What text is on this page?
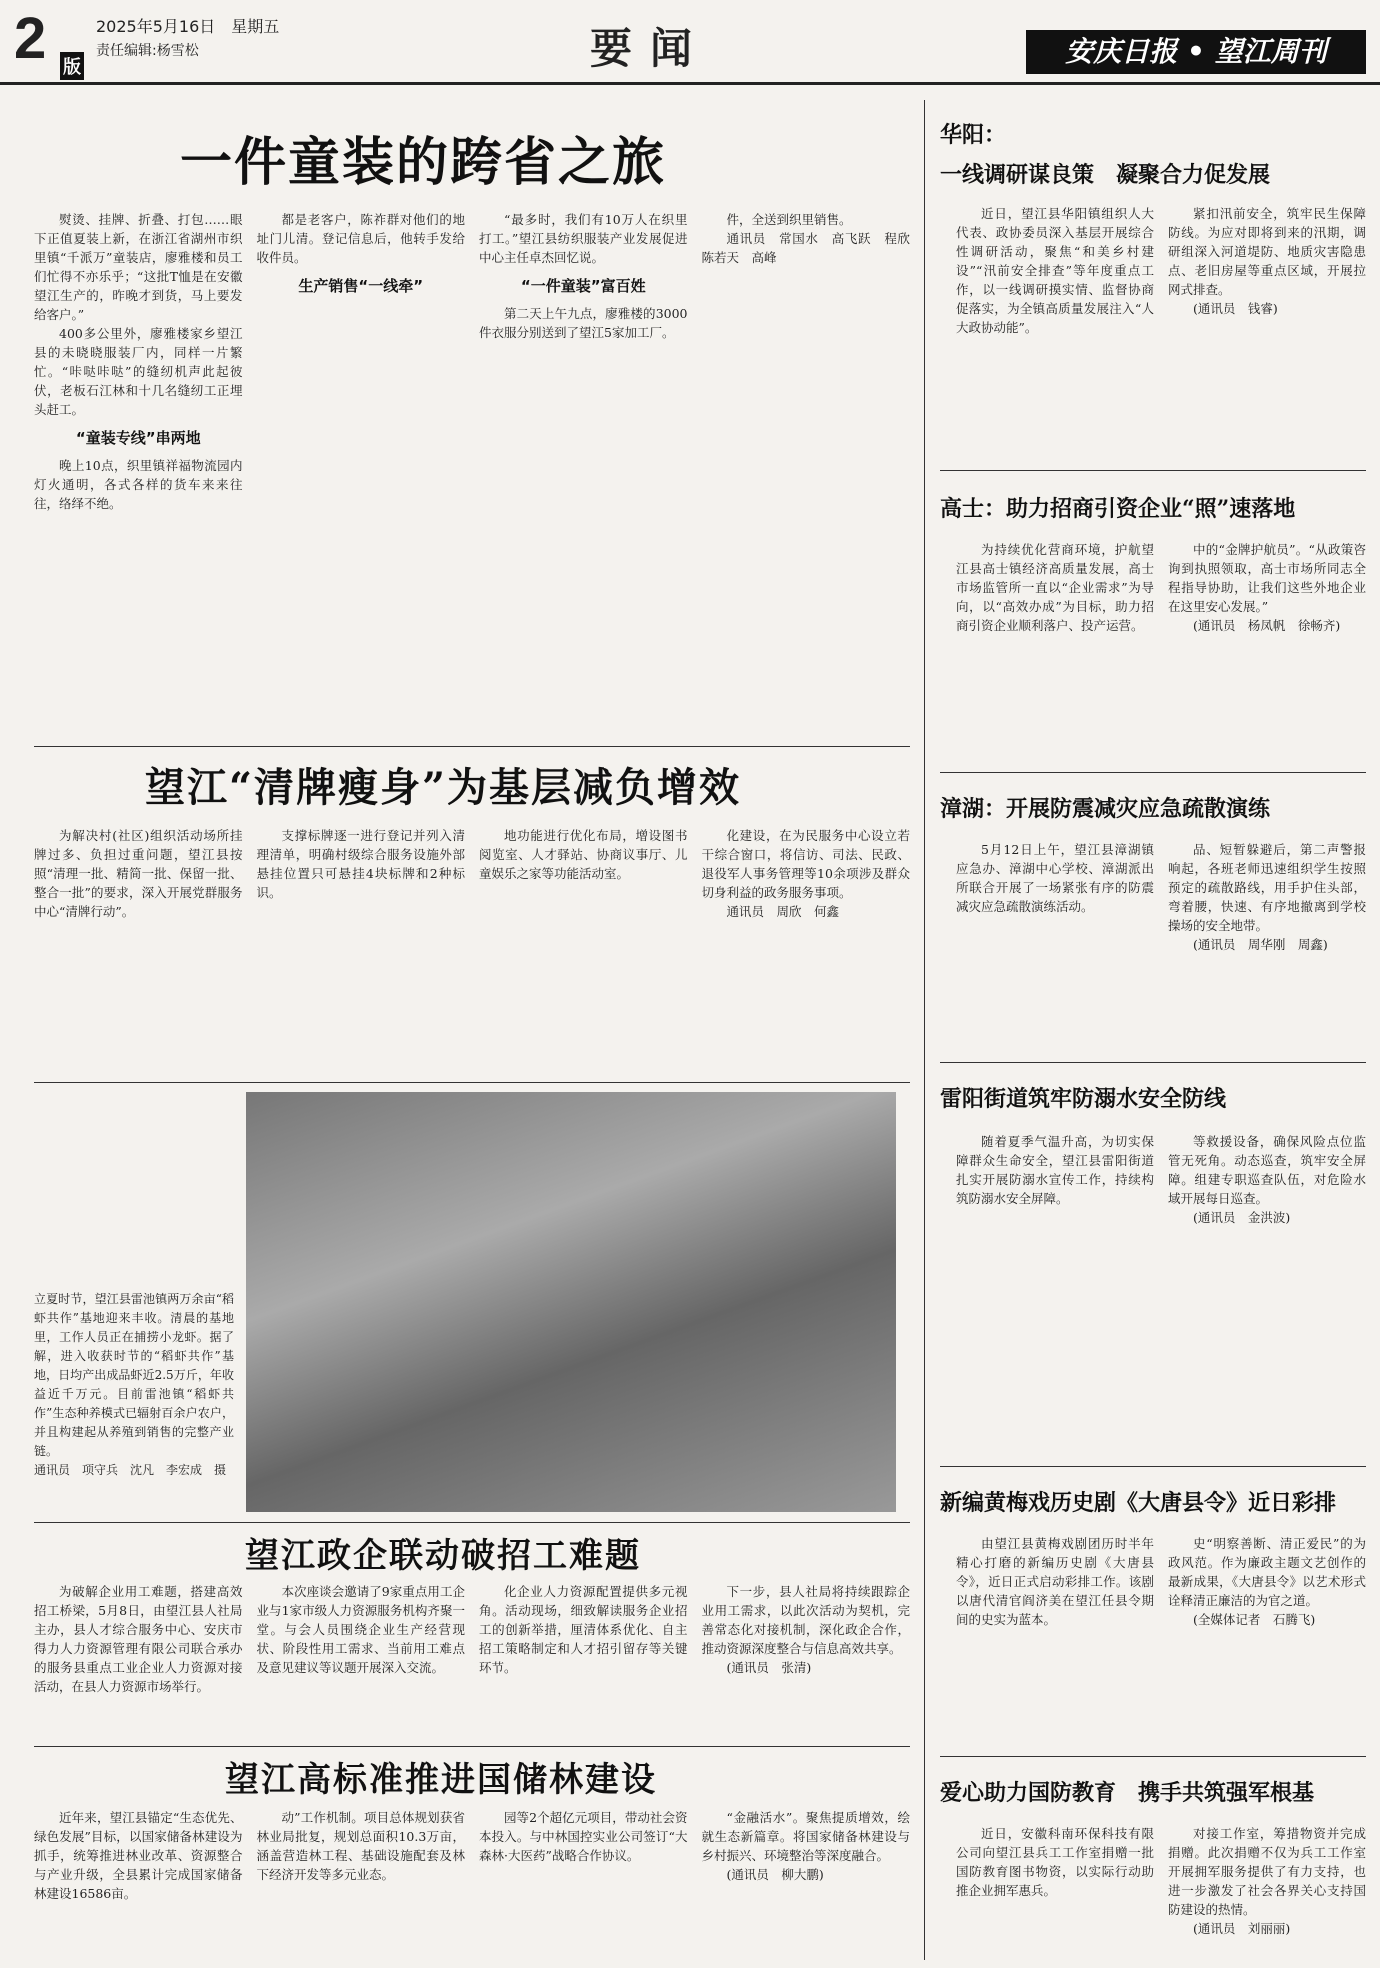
2 版
2025年5月16日　星期五
责任编辑:杨雪松	要闻	安庆日报 • 望江周刊
一件童装的跨省之旅

熨烫、挂牌、折叠、打包……眼下正值夏装上新，在浙江省湖州市织里镇“千派万”童装店，廖雅楼和员工们忙得不亦乐乎；“这批T恤是在安徽望江生产的，昨晚才到货，马上要发给客户。”

400多公里外，廖雅楼家乡望江县的未晓晓服装厂内，同样一片繁忙。“咔哒咔哒”的缝纫机声此起彼伏，老板石江林和十几名缝纫工正埋头赶工。

“童装专线”串两地

晚上10点，织里镇祥福物流园内灯火通明，各式各样的货车来来往往，络绎不绝。

都是老客户，陈祚群对他们的地址门儿清。登记信息后，他转手发给收件员。

生产销售“一线牵”

“最多时，我们有10万人在织里打工。”望江县纺织服装产业发展促进中心主任卓杰回忆说。

“一件童装”富百姓

第二天上午九点，廖雅楼的3000件衣服分别送到了望江5家加工厂。

件，全送到织里销售。

通讯员　常国水　高飞跃　程欣　陈若天　高峰

望江“清牌瘦身”为基层减负增效

为解决村(社区)组织活动场所挂牌过多、负担过重问题，望江县按照“清理一批、精简一批、保留一批、整合一批”的要求，深入开展党群服务中心“清牌行动”。

支撑标牌逐一进行登记并列入清理清单，明确村级综合服务设施外部悬挂位置只可悬挂4块标牌和2种标识。

地功能进行优化布局，增设图书阅览室、人才驿站、协商议事厅、儿童娱乐之家等功能活动室。

化建设，在为民服务中心设立若干综合窗口，将信访、司法、民政、退役军人事务管理等10余项涉及群众切身利益的政务服务事项。

通讯员　周欣　何鑫

立夏时节，望江县雷池镇两万余亩“稻虾共作”基地迎来丰收。清晨的基地里，工作人员正在捕捞小龙虾。据了解，进入收获时节的“稻虾共作”基地，日均产出成品虾近2.5万斤，年收益近千万元。目前雷池镇“稻虾共作”生态种养模式已辐射百余户农户，并且构建起从养殖到销售的完整产业链。
通讯员　项守兵　沈凡　李宏成　摄
望江政企联动破招工难题

为破解企业用工难题，搭建高效招工桥梁，5月8日，由望江县人社局主办，县人才综合服务中心、安庆市得力人力资源管理有限公司联合承办的服务县重点工业企业人力资源对接活动，在县人力资源市场举行。

本次座谈会邀请了9家重点用工企业与1家市级人力资源服务机构齐聚一堂。与会人员围绕企业生产经营现状、阶段性用工需求、当前用工难点及意见建议等议题开展深入交流。

化企业人力资源配置提供多元视角。活动现场，细致解读服务企业招工的创新举措，厘清体系优化、自主招工策略制定和人才招引留存等关键环节。

下一步，县人社局将持续跟踪企业用工需求，以此次活动为契机，完善常态化对接机制，深化政企合作，推动资源深度整合与信息高效共享。

(通讯员　张清)

望江高标准推进国储林建设

近年来，望江县锚定“生态优先、绿色发展”目标，以国家储备林建设为抓手，统筹推进林业改革、资源整合与产业升级，全县累计完成国家储备林建设16586亩。

动”工作机制。项目总体规划获省林业局批复，规划总面积10.3万亩，涵盖营造林工程、基础设施配套及林下经济开发等多元业态。

园等2个超亿元项目，带动社会资本投入。与中林国控实业公司签订“大森林·大医药”战略合作协议。

“金融活水”。聚焦提质增效，绘就生态新篇章。将国家储备林建设与乡村振兴、环境整治等深度融合。

(通讯员　柳大鹏)

华阳：
一线调研谋良策　凝聚合力促发展

近日，望江县华阳镇组织人大代表、政协委员深入基层开展综合性调研活动，聚焦“和美乡村建设”“汛前安全排查”等年度重点工作，以一线调研摸实情、监督协商促落实，为全镇高质量发展注入“人大政协动能”。

紧扣汛前安全，筑牢民生保障防线。为应对即将到来的汛期，调研组深入河道堤防、地质灾害隐患点、老旧房屋等重点区域，开展拉网式排查。

(通讯员　钱睿)

高士：助力招商引资企业“照”速落地

为持续优化营商环境，护航望江县高士镇经济高质量发展，高士市场监管所一直以“企业需求”为导向，以“高效办成”为目标，助力招商引资企业顺利落户、投产运营。

中的“金牌护航员”。“从政策咨询到执照领取，高士市场所同志全程指导协助，让我们这些外地企业在这里安心发展。”

(通讯员　杨凤帆　徐畅齐)

漳湖：开展防震减灾应急疏散演练

5月12日上午，望江县漳湖镇应急办、漳湖中心学校、漳湖派出所联合开展了一场紧张有序的防震减灾应急疏散演练活动。

品、短暂躲避后，第二声警报响起，各班老师迅速组织学生按照预定的疏散路线，用手护住头部，弯着腰，快速、有序地撤离到学校操场的安全地带。

(通讯员　周华刚　周鑫)

雷阳街道筑牢防溺水安全防线

随着夏季气温升高，为切实保障群众生命安全，望江县雷阳街道扎实开展防溺水宣传工作，持续构筑防溺水安全屏障。

等救援设备，确保风险点位监管无死角。动态巡查，筑牢安全屏障。组建专职巡查队伍，对危险水域开展每日巡查。

(通讯员　金洪波)

新编黄梅戏历史剧《大唐县令》近日彩排

由望江县黄梅戏剧团历时半年精心打磨的新编历史剧《大唐县令》，近日正式启动彩排工作。该剧以唐代清官阎济美在望江任县令期间的史实为蓝本。

史“明察善断、清正爱民”的为政风范。作为廉政主题文艺创作的最新成果，《大唐县令》以艺术形式诠释清正廉洁的为官之道。

(全媒体记者　石腾飞)

爱心助力国防教育　携手共筑强军根基

近日，安徽科南环保科技有限公司向望江县兵工工作室捐赠一批国防教育图书物资，以实际行动助推企业拥军惠兵。

对接工作室，筹措物资并完成捐赠。此次捐赠不仅为兵工工作室开展拥军服务提供了有力支持，也进一步激发了社会各界关心支持国防建设的热情。

(通讯员　刘丽丽)
